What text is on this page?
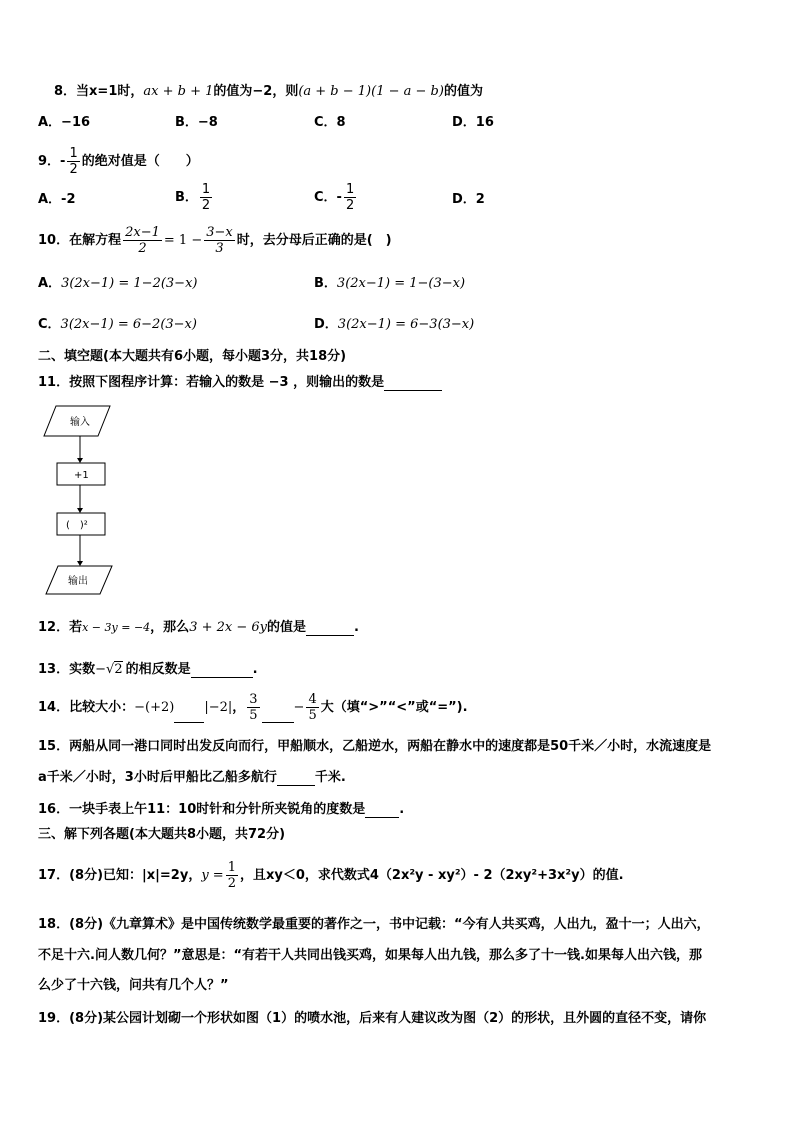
8．当x=1时，ax + b + 1的值为−2，则(a + b − 1)(1 − a − b)的值为
A．−16	B．−8	C．8	D．16
9．- $\frac{1}{2}$ 的绝对值是（　　）
A．-2	B． $\frac{1}{2}$	C．- $\frac{1}{2}$	D．2
10．在解方程 $\frac{2x-1}{2} = 1 - \frac{3-x}{3}$ 时，去分母后正确的是(　)
A．3(2x−1) = 1−2(3−x)	B．3(2x−1) = 1−(3−x)
C．3(2x−1) = 6−2(3−x)	D．3(2x−1) = 6−3(3−x)
二、填空题(本大题共有6小题，每小题3分，共18分)
11．按照下图程序计算：若输入的数是 −3 ，则输出的数是
输入
+1
(　)²
输出
12．若x − 3y = −4，那么3 + 2x − 6y的值是	.
13．实数−√2 的相反数是	.
14．比较大小：−(+2) |−2|， $\frac{3}{5}$	− $\frac{4}{5}$ 大（填“>”“<”或“=”).
15．两船从同一港口同时出发反向而行，甲船顺水，乙船逆水，两船在静水中的速度都是50千米／小时，水流速度是
a千米／小时，3小时后甲船比乙船多航行	千米.
16．一块手表上午11：10时针和分针所夹锐角的度数是	.
三、解下列各题(本大题共8小题，共72分)
17．(8分)已知：|x|=2y，$y = \frac{1}{2}$ ，且xy＜0，求代数式4（2x²y - xy²）- 2（2xy²+3x²y）的值.
18．(8分)《九章算术》是中国传统数学最重要的著作之一，书中记载：“今有人共买鸡，人出九，盈十一；人出六，
不足十六.问人数几何？”意思是：“有若干人共同出钱买鸡，如果每人出九钱，那么多了十一钱.如果每人出六钱，那
么少了十六钱，问共有几个人？”
19．(8分)某公园计划砌一个形状如图（1）的喷水池，后来有人建议改为图（2）的形状，且外圆的直径不变，请你
